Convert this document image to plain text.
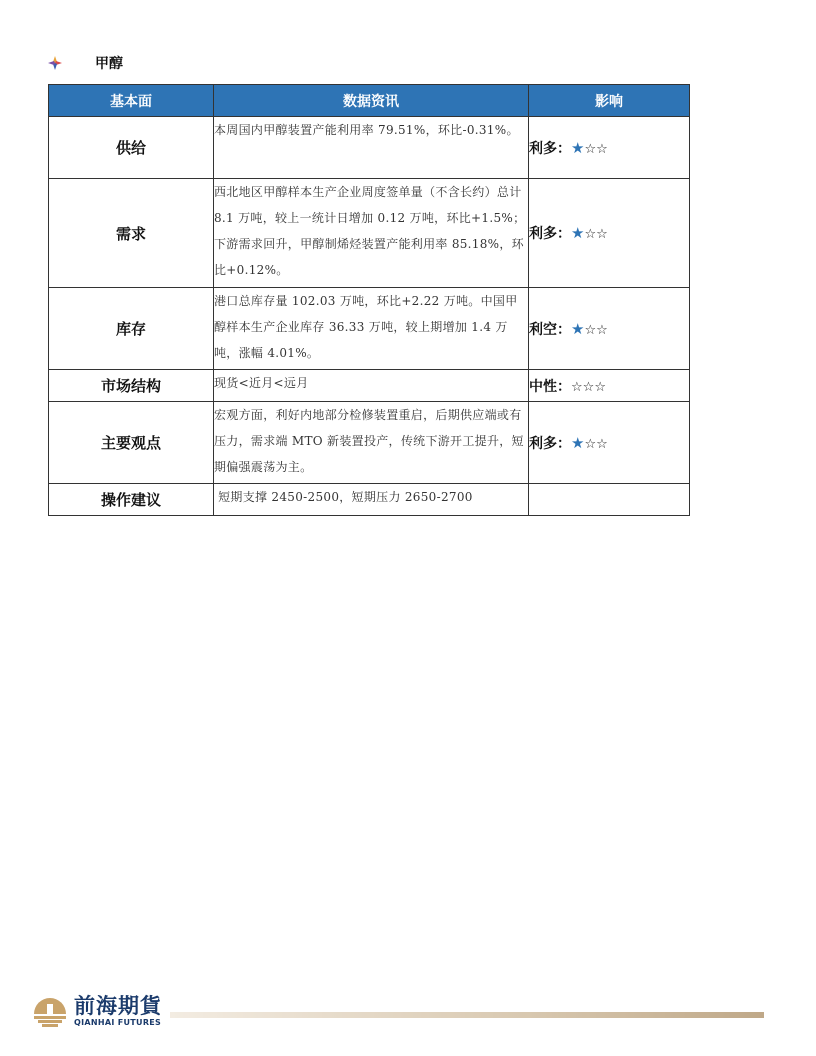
甲醇
基本面	数据资讯	影响
供给	本周国内甲醇装置产能利用率 79.51%，环比-0.31%。	利多：★☆☆
需求	西北地区甲醇样本生产企业周度签单量（不含长约）总计 8.1 万吨，较上一统计日增加 0.12 万吨，环比+1.5%；下游需求回升，甲醇制烯烃装置产能利用率 85.18%，环比+0.12%。	利多：★☆☆
库存	港口总库存量 102.03 万吨，环比+2.22 万吨。中国甲醇样本生产企业库存 36.33 万吨，较上期增加 1.4 万吨，涨幅 4.01%。	利空：★☆☆
市场结构	现货<近月<远月	中性：☆☆☆
主要观点	宏观方面，利好内地部分检修装置重启，后期供应端或有压力，需求端 MTO 新装置投产，传统下游开工提升，短期偏强震荡为主。	利多：★☆☆
操作建议	短期支撑 2450-2500，短期压力 2650-2700	
前海期貨
QIANHAI FUTURES
